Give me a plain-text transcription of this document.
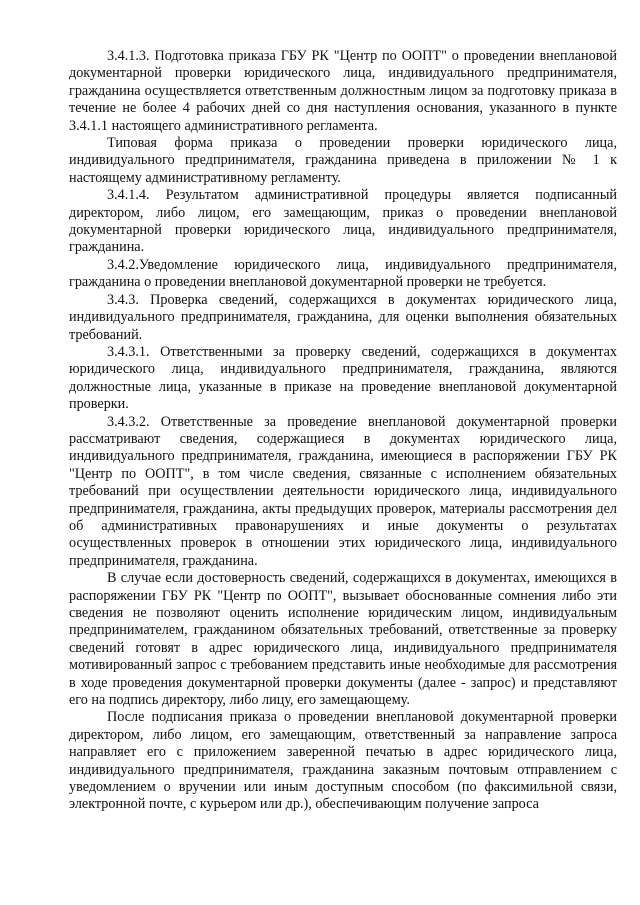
3.4.1.3. Подготовка приказа ГБУ РК "Центр по ООПТ" о проведении внеплановой документарной проверки юридического лица, индивидуального предпринимателя, гражданина осуществляется ответственным должностным лицом за подготовку приказа в течение не более 4 рабочих дней со дня наступления основания, указанного в пункте 3.4.1.1 настоящего административного регламента.

Типовая форма приказа о проведении проверки юридического лица, индивидуального предпринимателя, гражданина приведена в приложении № 1 к настоящему административному регламенту.

3.4.1.4. Результатом административной процедуры является подписанный директором, либо лицом, его замещающим, приказ о проведении внеплановой документарной проверки юридического лица, индивидуального предпринимателя, гражданина.

3.4.2.Уведомление юридического лица, индивидуального предпринимателя, гражданина о проведении внеплановой документарной проверки не требуется.

3.4.3. Проверка сведений, содержащихся в документах юридического лица, индивидуального предпринимателя, гражданина, для оценки выполнения обязательных требований.

3.4.3.1. Ответственными за проверку сведений, содержащихся в документах юридического лица, индивидуального предпринимателя, гражданина, являются должностные лица, указанные в приказе на проведение внеплановой документарной проверки.

3.4.3.2. Ответственные за проведение внеплановой документарной проверки рассматривают сведения, содержащиеся в документах юридического лица, индивидуального предпринимателя, гражданина, имеющиеся в распоряжении ГБУ РК "Центр по ООПТ", в том числе сведения, связанные с исполнением обязательных требований при осуществлении деятельности юридического лица, индивидуального предпринимателя, гражданина, акты предыдущих проверок, материалы рассмотрения дел об административных правонарушениях и иные документы о результатах осуществленных проверок в отношении этих юридического лица, индивидуального предпринимателя, гражданина.

В случае если достоверность сведений, содержащихся в документах, имеющихся в распоряжении ГБУ РК "Центр по ООПТ", вызывает обоснованные сомнения либо эти сведения не позволяют оценить исполнение юридическим лицом, индивидуальным предпринимателем, гражданином обязательных требований, ответственные за проверку сведений готовят в адрес юридического лица, индивидуального предпринимателя мотивированный запрос с требованием представить иные необходимые для рассмотрения в ходе проведения документарной проверки документы (далее - запрос) и представляют его на подпись директору, либо лицу, его замещающему.

После подписания приказа о проведении внеплановой документарной проверки директором, либо лицом, его замещающим, ответственный за направление запроса направляет его с приложением заверенной печатью в адрес юридического лица, индивидуального предпринимателя, гражданина заказным почтовым отправлением с уведомлением о вручении или иным доступным способом (по факсимильной связи, электронной почте, с курьером или др.), обеспечивающим получение запроса
